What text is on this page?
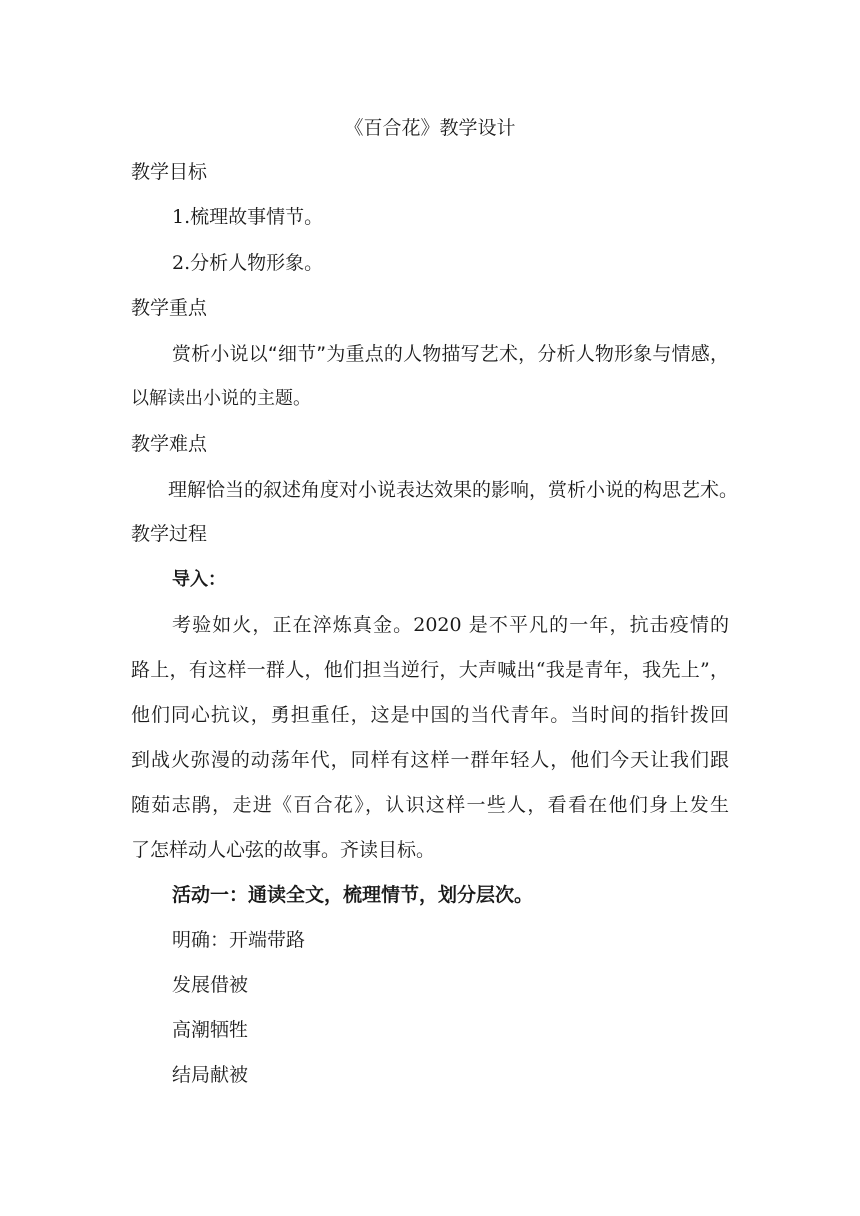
《百合花》教学设计
教学目标
1.梳理故事情节。
2.分析人物形象。
教学重点
赏析小说以“细节”为重点的人物描写艺术，分析人物形象与情感，
以解读出小说的主题。
教学难点
理解恰当的叙述角度对小说表达效果的影响，赏析小说的构思艺术。
教学过程
导入：
考验如火，正在淬炼真金。2020 是不平凡的一年，抗击疫情的
路上，有这样一群人，他们担当逆行，大声喊出“我是青年，我先上”，
他们同心抗议，勇担重任，这是中国的当代青年。当时间的指针拨回
到战火弥漫的动荡年代，同样有这样一群年轻人，他们今天让我们跟
随茹志鹃，走进《百合花》，认识这样一些人，看看在他们身上发生
了怎样动人心弦的故事。齐读目标。
活动一：通读全文，梳理情节，划分层次。
明确：开端带路
发展借被
高潮牺牲
结局献被
